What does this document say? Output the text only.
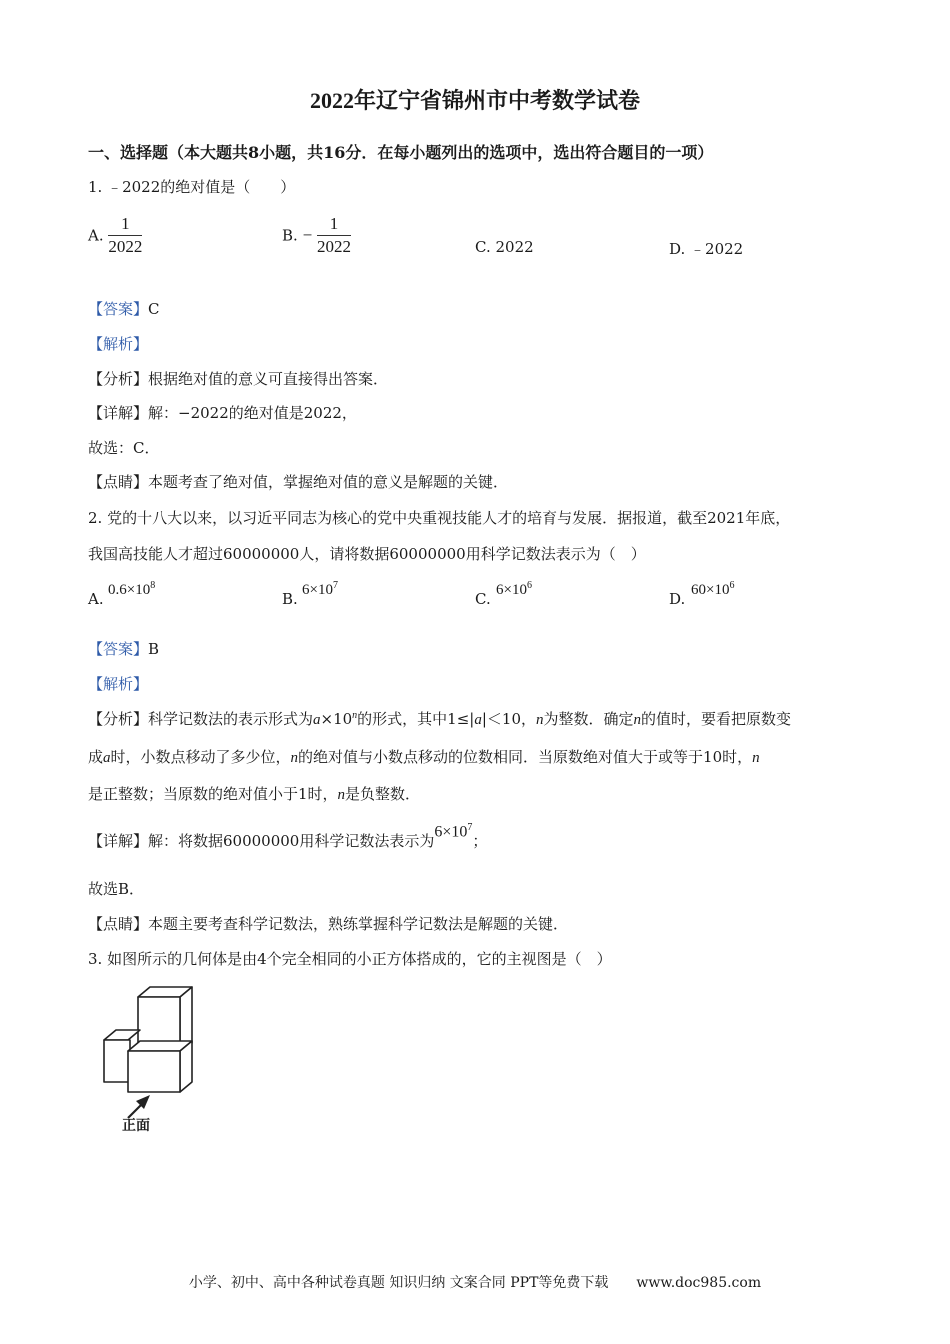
2022年辽宁省锦州市中考数学试卷
一、选择题（本大题共8小题，共16分．在每小题列出的选项中，选出符合题目的一项）
1. ﹣2022的绝对值是（　　）
A. $\frac{1}{2022}$	B. − $\frac{1}{2022}$	C. 2022	D. ﹣2022
【答案】C
【解析】
【分析】根据绝对值的意义可直接得出答案．
【详解】解：−2022的绝对值是2022，
故选：C．
【点睛】本题考查了绝对值，掌握绝对值的意义是解题的关键．
2. 党的十八大以来，以习近平同志为核心的党中央重视技能人才的培育与发展．据报道，截至2021年底，
我国高技能人才超过60000000人，请将数据60000000用科学记数法表示为（　）
A. $0.6\times 10^8$
B. $6\times 10^7$
C. $6\times 10^6$
D. $60\times 10^6$
【答案】B
【解析】
【分析】科学记数法的表示形式为$a\times 10^n$的形式，其中1≤|a|＜10，n为整数．确定n的值时，要看把原数变
成a时，小数点移动了多少位，n的绝对值与小数点移动的位数相同．当原数绝对值大于或等于10时，n
是正整数；当原数的绝对值小于1时，n是负整数．
【详解】解：将数据60000000用科学记数法表示为$6\times 10^7$；
故选B．
【点睛】本题主要考查科学记数法，熟练掌握科学记数法是解题的关键．
3. 如图所示的几何体是由4个完全相同的小正方体搭成的，它的主视图是（　）
正面
小学、初中、高中各种试卷真题 知识归纳 文案合同 PPT等免费下载　　www.doc985.com
